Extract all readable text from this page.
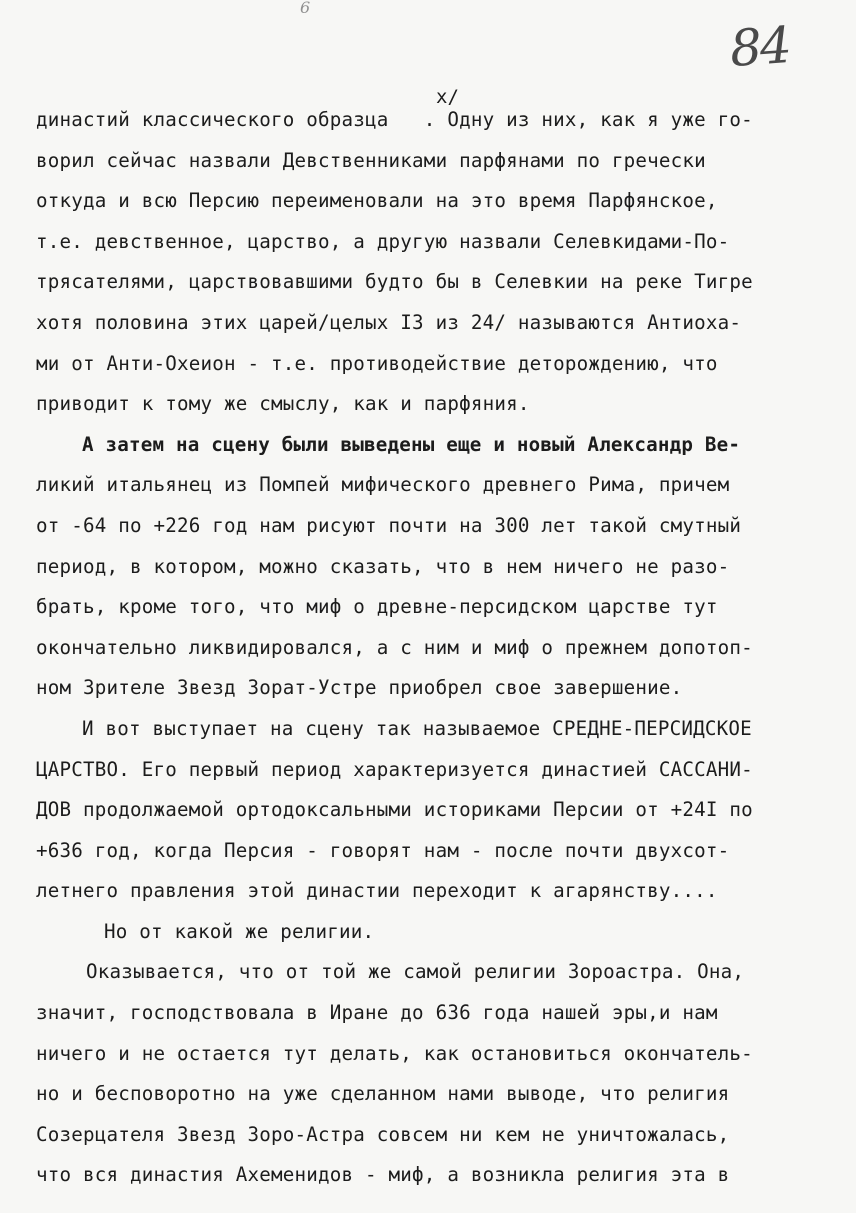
6
84
x/
династий классического образца   . Одну из них, как я уже го-
ворил сейчас назвали Девственниками парфянами по гречески
откуда и всю Персию переименовали на это время Парфянское,
т.е. девственное, царство, а другую назвали Селевкидами-По-
трясателями, царствовавшими будто бы в Селевкии на реке Тигре
хотя половина этих царей/целых I3 из 24/ называются Антиоха-
ми от Анти-Охеион - т.е. противодействие деторождению, что
приводит к тому же смыслу, как и парфяния.
А затем на сцену были выведены еще и новый Александр Ве-
ликий итальянец из Помпей мифического древнего Рима, причем
от -64 по +226 год нам рисуют почти на 300 лет такой смутный
период, в котором, можно сказать, что в нем ничего не разо-
брать, кроме того, что миф о древне-персидском царстве тут
окончательно ликвидировался, а с ним и миф о прежнем допотоп-
ном Зрителе Звезд Зорат-Устре приобрел свое завершение.
И вот выступает на сцену так называемое СРЕДНЕ-ПЕРСИДСКОЕ
ЦАРСТВО. Его первый период характеризуется династией САССАНИ-
ДОВ продолжаемой ортодоксальными историками Персии от +24I по
+636 год, когда Персия - говорят нам - после почти двухсот-
летнего правления этой династии переходит к агарянству....
Но от какой же религии.
Оказывается, что от той же самой религии Зороастра. Она,
значит, господствовала в Иране до 636 года нашей эры,и нам
ничего и не остается тут делать, как остановиться окончатель-
но и бесповоротно на уже сделанном нами выводе, что религия
Созерцателя Звезд Зоро-Астра совсем ни кем не уничтожалась,
что вся династия Ахеменидов - миф, а возникла религия эта в
